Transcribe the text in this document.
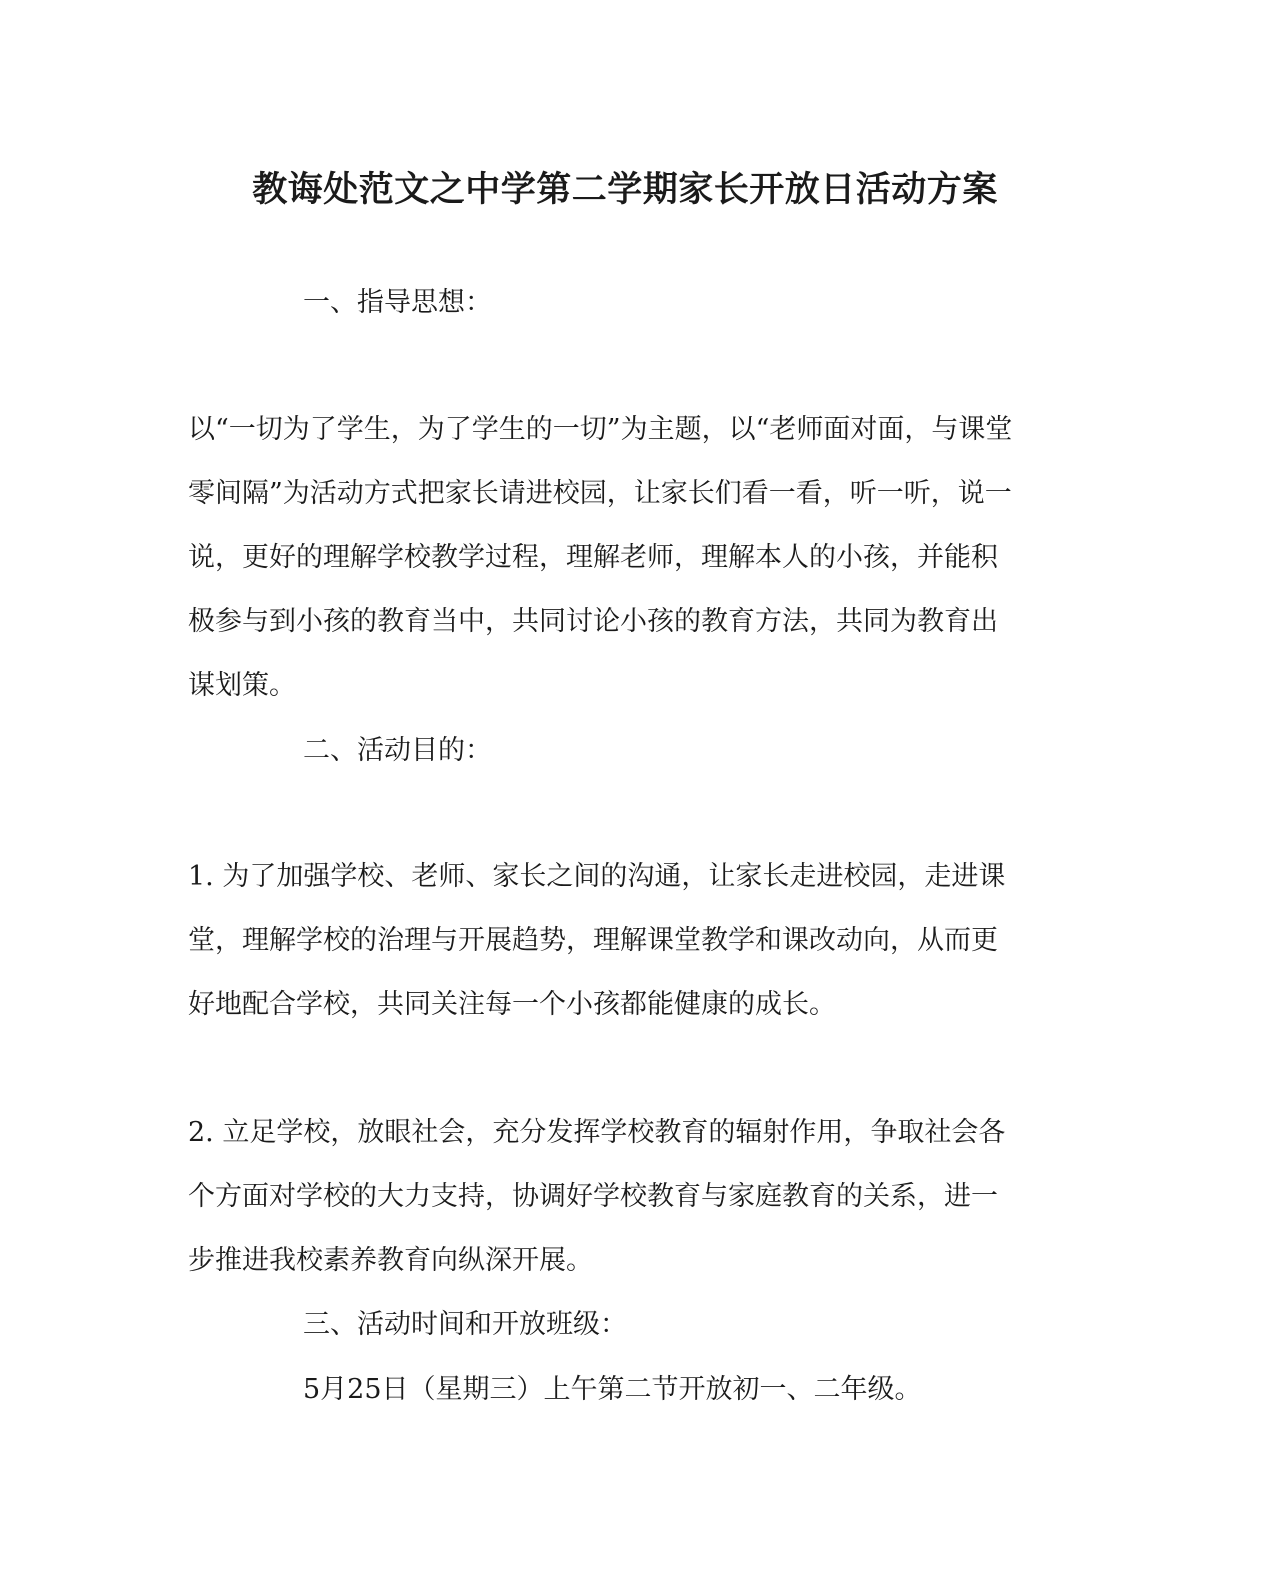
教诲处范文之中学第二学期家长开放日活动方案

一、指导思想：

以“一切为了学生，为了学生的一切”为主题，以“老师面对面，与课堂
零间隔”为活动方式把家长请进校园，让家长们看一看，听一听，说一
说，更好的理解学校教学过程，理解老师，理解本人的小孩，并能积
极参与到小孩的教育当中，共同讨论小孩的教育方法，共同为教育出
谋划策。

二、活动目的：

1. 为了加强学校、老师、家长之间的沟通，让家长走进校园，走进课
堂，理解学校的治理与开展趋势，理解课堂教学和课改动向，从而更
好地配合学校，共同关注每一个小孩都能健康的成长。
2. 立足学校，放眼社会，充分发挥学校教育的辐射作用，争取社会各
个方面对学校的大力支持，协调好学校教育与家庭教育的关系，进一
步推进我校素养教育向纵深开展。

三、活动时间和开放班级：

5月25日（星期三）上午第二节开放初一、二年级。
